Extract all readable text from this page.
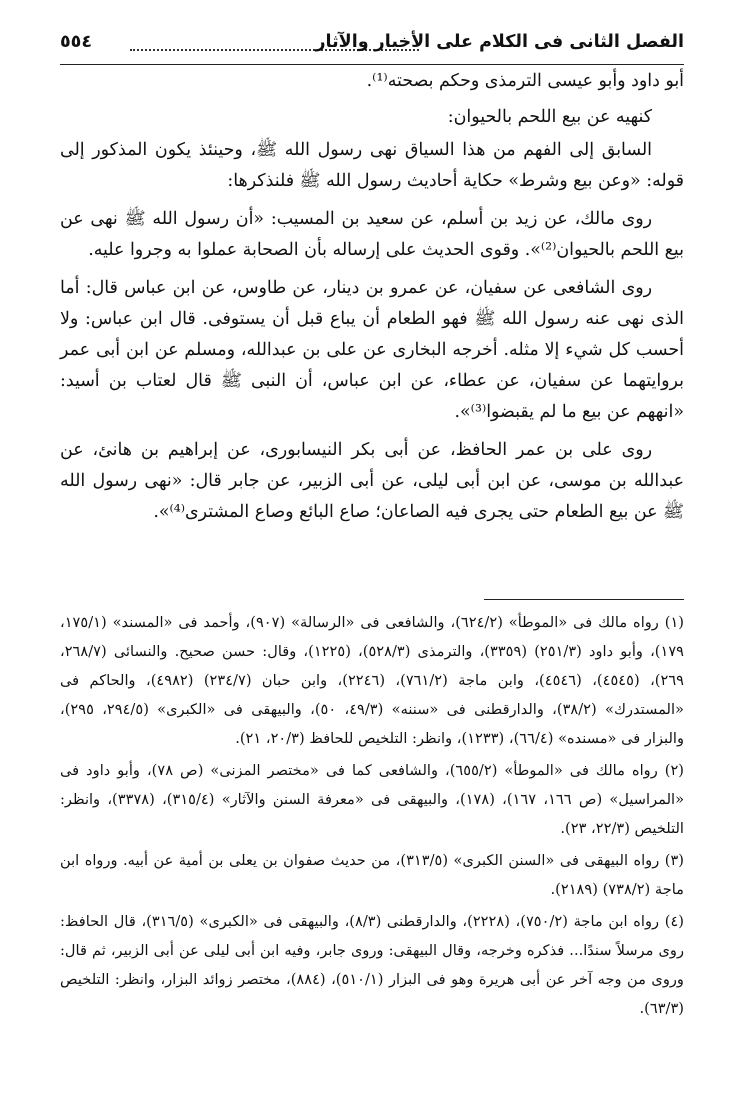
٥٥٤	الفصل الثانى فى الكلام على الأخبار والآثار

أبو داود وأبو عيسى الترمذى وحكم بصحته⁽¹⁾.

كنهيه عن بيع اللحم بالحيوان:

السابق إلى الفهم من هذا السياق نهى رسول الله ﷺ، وحينئذ يكون المذكور إلى قوله: «وعن بيع وشرط» حكاية أحاديث رسول الله ﷺ فلنذكرها:

روى مالك، عن زيد بن أسلم، عن سعيد بن المسيب: «أن رسول الله ﷺ نهى عن بيع اللحم بالحيوان⁽²⁾». وقوى الحديث على إرساله بأن الصحابة عملوا به وجروا عليه.

روى الشافعى عن سفيان، عن عمرو بن دينار، عن طاوس، عن ابن عباس قال: أما الذى نهى عنه رسول الله ﷺ فهو الطعام أن يباع قبل أن يستوفى. قال ابن عباس: ولا أحسب كل شيء إلا مثله. أخرجه البخارى عن على بن عبدالله، ومسلم عن ابن أبى عمر بروايتهما عن سفيان، عن عطاء، عن ابن عباس، أن النبى ﷺ قال لعتاب بن أسيد: «انههم عن بيع ما لم يقبضوا⁽³⁾».

روى على بن عمر الحافظ، عن أبى بكر النيسابورى، عن إبراهيم بن هانئ، عن عبدالله بن موسى، عن ابن أبى ليلى، عن أبى الزبير، عن جابر قال: «نهى رسول الله ﷺ عن بيع الطعام حتى يجرى فيه الصاعان؛ صاع البائع وصاع المشترى⁽⁴⁾».

(١) رواه مالك فى «الموطأ» (٦٢٤/٢)، والشافعى فى «الرسالة» (٩٠٧)، وأحمد فى «المسند» (١٧٥/١، ١٧٩)، وأبو داود (٢٥١/٣) (٣٣٥٩)، والترمذى (٥٢٨/٣)، (١٢٢٥)، وقال: حسن صحيح. والنسائى (٢٦٨/٧، ٢٦٩)، (٤٥٤٥)، (٤٥٤٦)، وابن ماجة (٧٦١/٢)، (٢٢٤٦)، وابن حبان (٢٣٤/٧) (٤٩٨٢)، والحاكم فى «المستدرك» (٣٨/٢)، والدارقطنى فى «سننه» (٤٩/٣، ٥٠)، والبيهقى فى «الكبرى» (٢٩٤/٥، ٢٩٥)، والبزار فى «مسنده» (٦٦/٤)، (١٢٣٣)، وانظر: التلخيص للحافظ (٢٠/٣، ٢١).

(٢) رواه مالك فى «الموطأ» (٦٥٥/٢)، والشافعى كما فى «مختصر المزنى» (ص ٧٨)، وأبو داود فى «المراسيل» (ص ١٦٦، ١٦٧)، (١٧٨)، والبيهقى فى «معرفة السنن والآثار» (٣١٥/٤)، (٣٣٧٨)، وانظر: التلخيص (٢٢/٣، ٢٣).

(٣) رواه البيهقى فى «السنن الكبرى» (٣١٣/٥)، من حديث صفوان بن يعلى بن أمية عن أبيه. ورواه ابن ماجة (٧٣٨/٢) (٢١٨٩).

(٤) رواه ابن ماجة (٧٥٠/٢)، (٢٢٢٨)، والدارقطنى (٨/٣)، والبيهقى فى «الكبرى» (٣١٦/٥)، قال الحافظ: روى مرسلاً سندًا... فذكره وخرجه، وقال البيهقى: وروى جابر، وفيه ابن أبى ليلى عن أبى الزبير، ثم قال: وروى من وجه آخر عن أبى هريرة وهو فى البزار (٥١٠/١)، (٨٨٤)، مختصر زوائد البزار، وانظر: التلخيص (٦٣/٣).
